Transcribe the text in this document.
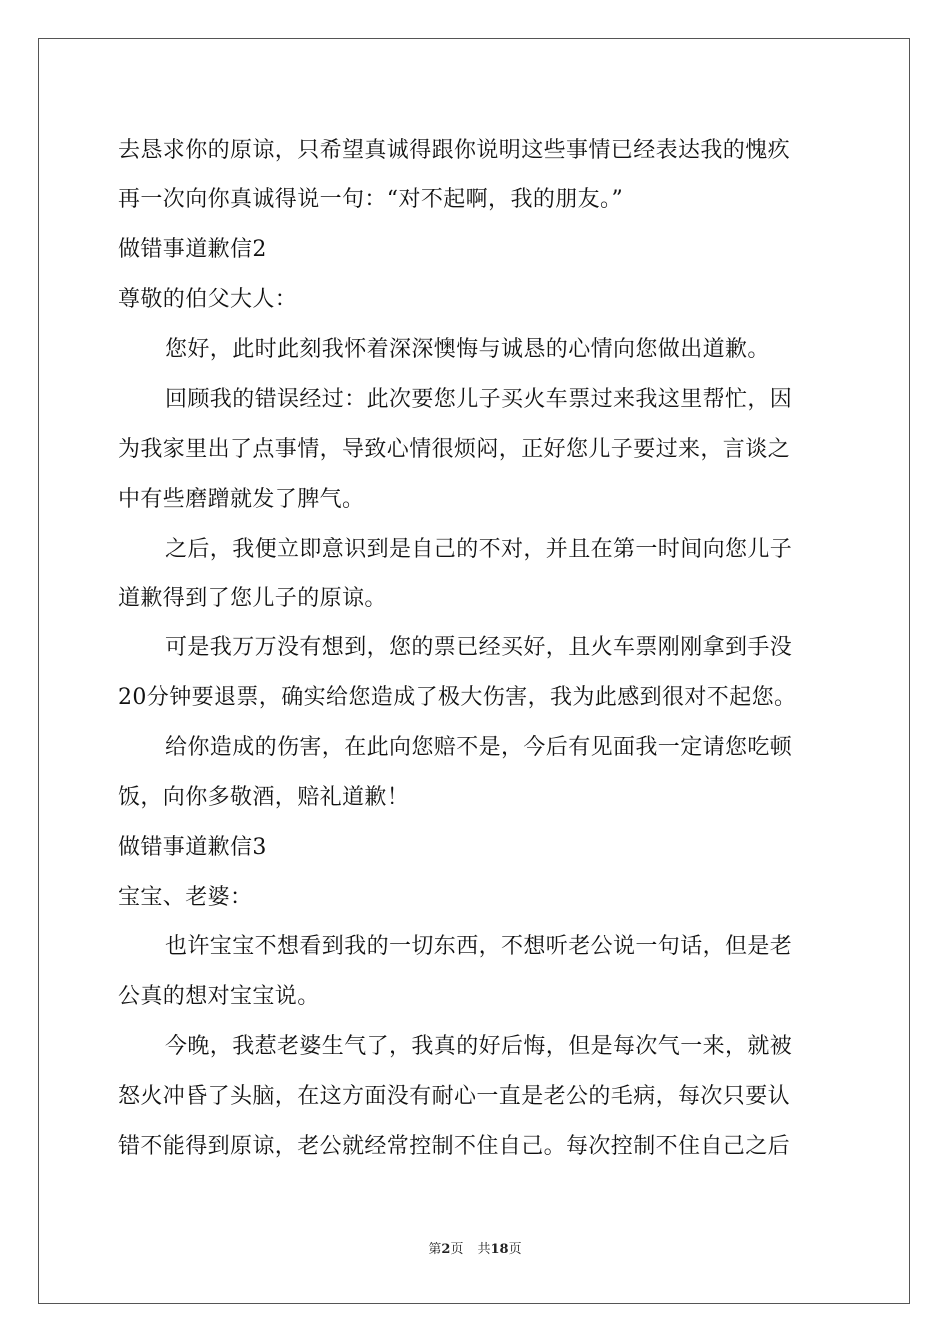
去恳求你的原谅，只希望真诚得跟你说明这些事情已经表达我的愧疚
再一次向你真诚得说一句：“对不起啊，我的朋友。”
做错事道歉信2
尊敬的伯父大人：
您好，此时此刻我怀着深深懊悔与诚恳的心情向您做出道歉。
回顾我的错误经过：此次要您儿子买火车票过来我这里帮忙，因
为我家里出了点事情，导致心情很烦闷，正好您儿子要过来，言谈之
中有些磨蹭就发了脾气。
之后，我便立即意识到是自己的不对，并且在第一时间向您儿子
道歉得到了您儿子的原谅。
可是我万万没有想到，您的票已经买好，且火车票刚刚拿到手没
20分钟要退票，确实给您造成了极大伤害，我为此感到很对不起您。
给你造成的伤害，在此向您赔不是，今后有见面我一定请您吃顿
饭，向你多敬酒，赔礼道歉！
做错事道歉信3
宝宝、老婆：
也许宝宝不想看到我的一切东西，不想听老公说一句话，但是老
公真的想对宝宝说。
今晚，我惹老婆生气了，我真的好后悔，但是每次气一来，就被
怒火冲昏了头脑，在这方面没有耐心一直是老公的毛病，每次只要认
错不能得到原谅，老公就经常控制不住自己。每次控制不住自己之后
第2页 共18页
